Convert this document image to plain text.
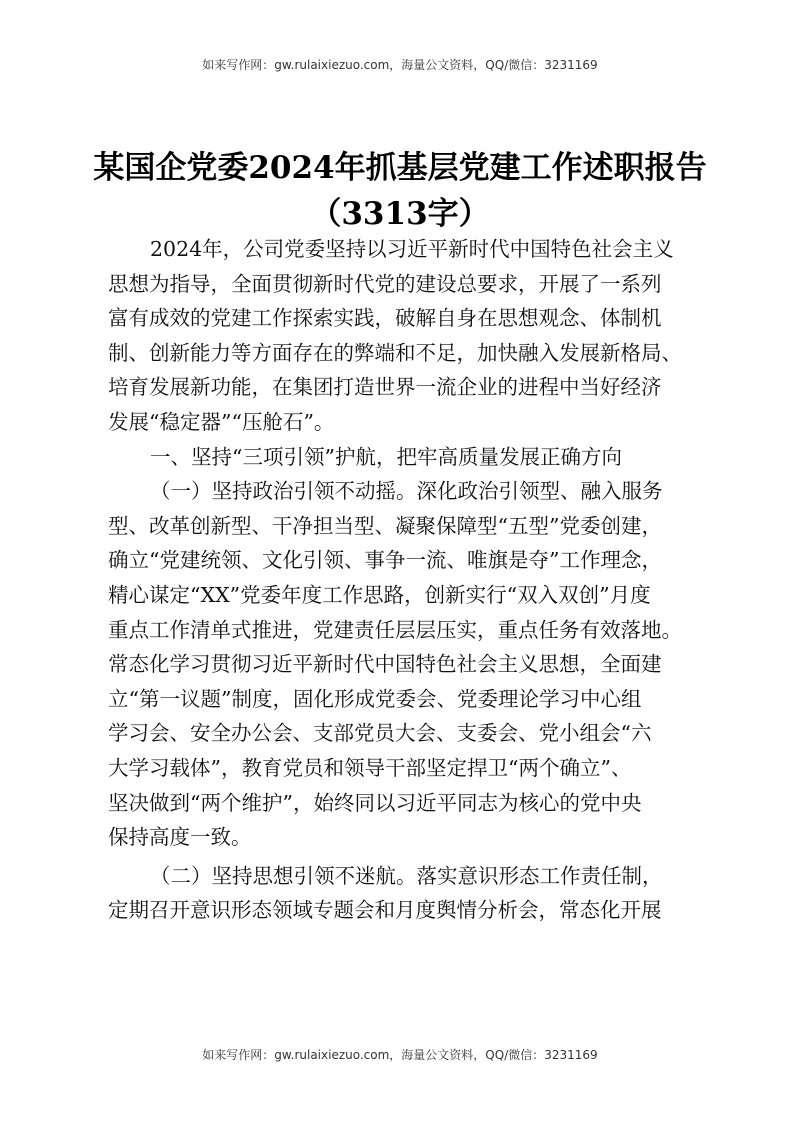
如来写作网：gw.rulaixiezuo.com，海量公文资料，QQ/微信：3231169
某国企党委2024年抓基层党建工作述职报告
（3313字）
2024年，公司党委坚持以习近平新时代中国特色社会主义
思想为指导，全面贯彻新时代党的建设总要求，开展了一系列
富有成效的党建工作探索实践，破解自身在思想观念、体制机
制、创新能力等方面存在的弊端和不足，加快融入发展新格局、
培育发展新功能，在集团打造世界一流企业的进程中当好经济
发展“稳定器”“压舱石”。
一、坚持“三项引领”护航，把牢高质量发展正确方向
（一）坚持政治引领不动摇。深化政治引领型、融入服务
型、改革创新型、干净担当型、凝聚保障型“五型”党委创建，
确立“党建统领、文化引领、事争一流、唯旗是夺”工作理念，
精心谋定“XX”党委年度工作思路，创新实行“双入双创”月度
重点工作清单式推进，党建责任层层压实，重点任务有效落地。
常态化学习贯彻习近平新时代中国特色社会主义思想，全面建
立“第一议题”制度，固化形成党委会、党委理论学习中心组
学习会、安全办公会、支部党员大会、支委会、党小组会“六
大学习载体”，教育党员和领导干部坚定捍卫“两个确立”、
坚决做到“两个维护”，始终同以习近平同志为核心的党中央
保持高度一致。
（二）坚持思想引领不迷航。落实意识形态工作责任制，
定期召开意识形态领域专题会和月度舆情分析会，常态化开展
如来写作网：gw.rulaixiezuo.com，海量公文资料，QQ/微信：3231169
